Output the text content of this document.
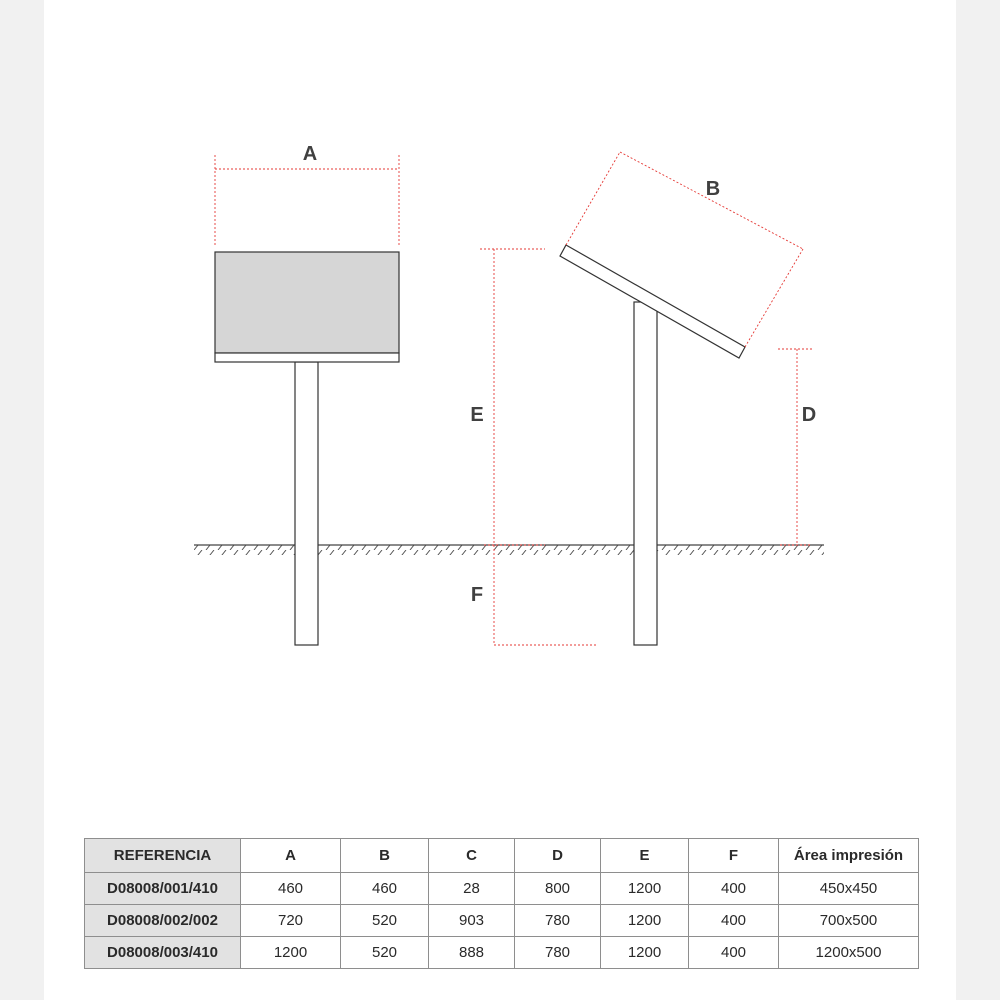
A
B
E	D
F
REFERENCIA	A	B	C	D	E	F	Área impresión
D08008/001/410	460	460	28	800	1200	400	450x450
D08008/002/002	720	520	903	780	1200	400	700x500
D08008/003/410	1200	520	888	780	1200	400	1200x500
